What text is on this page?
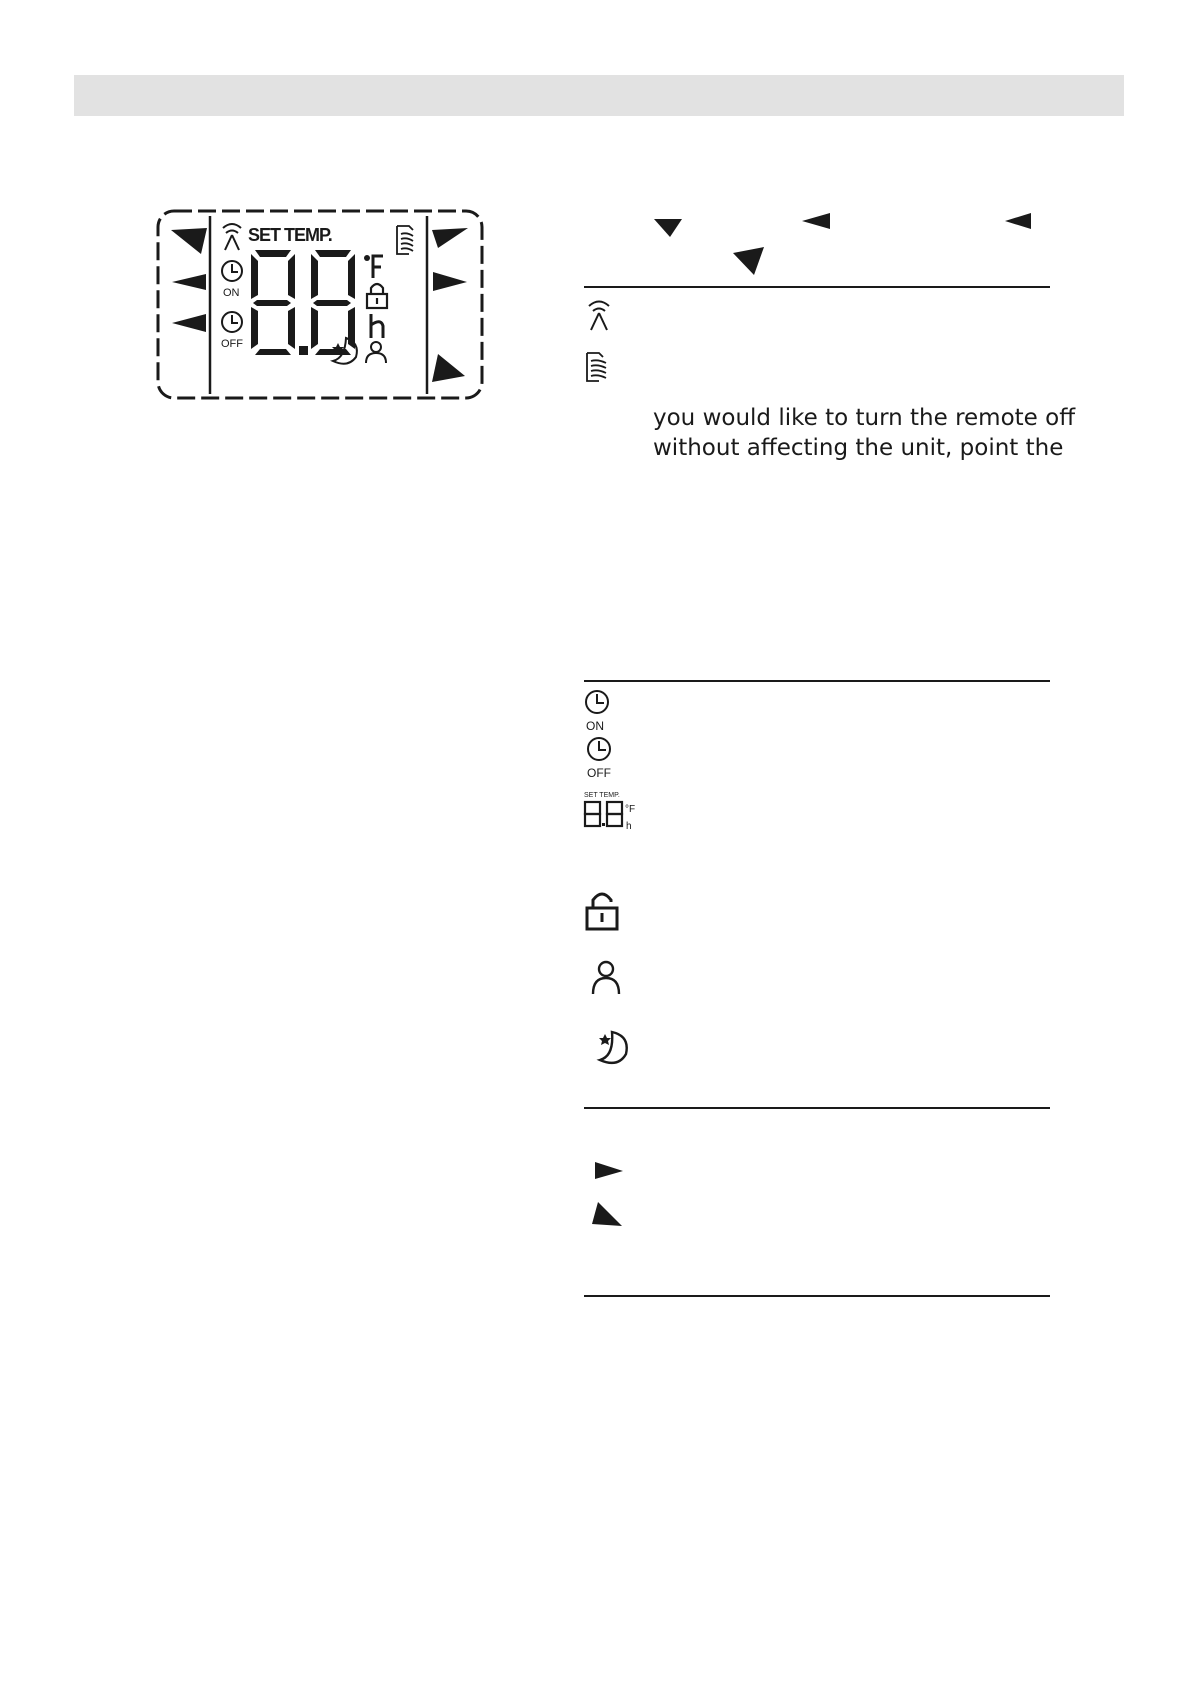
SET TEMP.
ON
OFF
you would like to turn the remote off
without affecting the unit, point the
ON
OFF
SET TEMP.
°F
h
